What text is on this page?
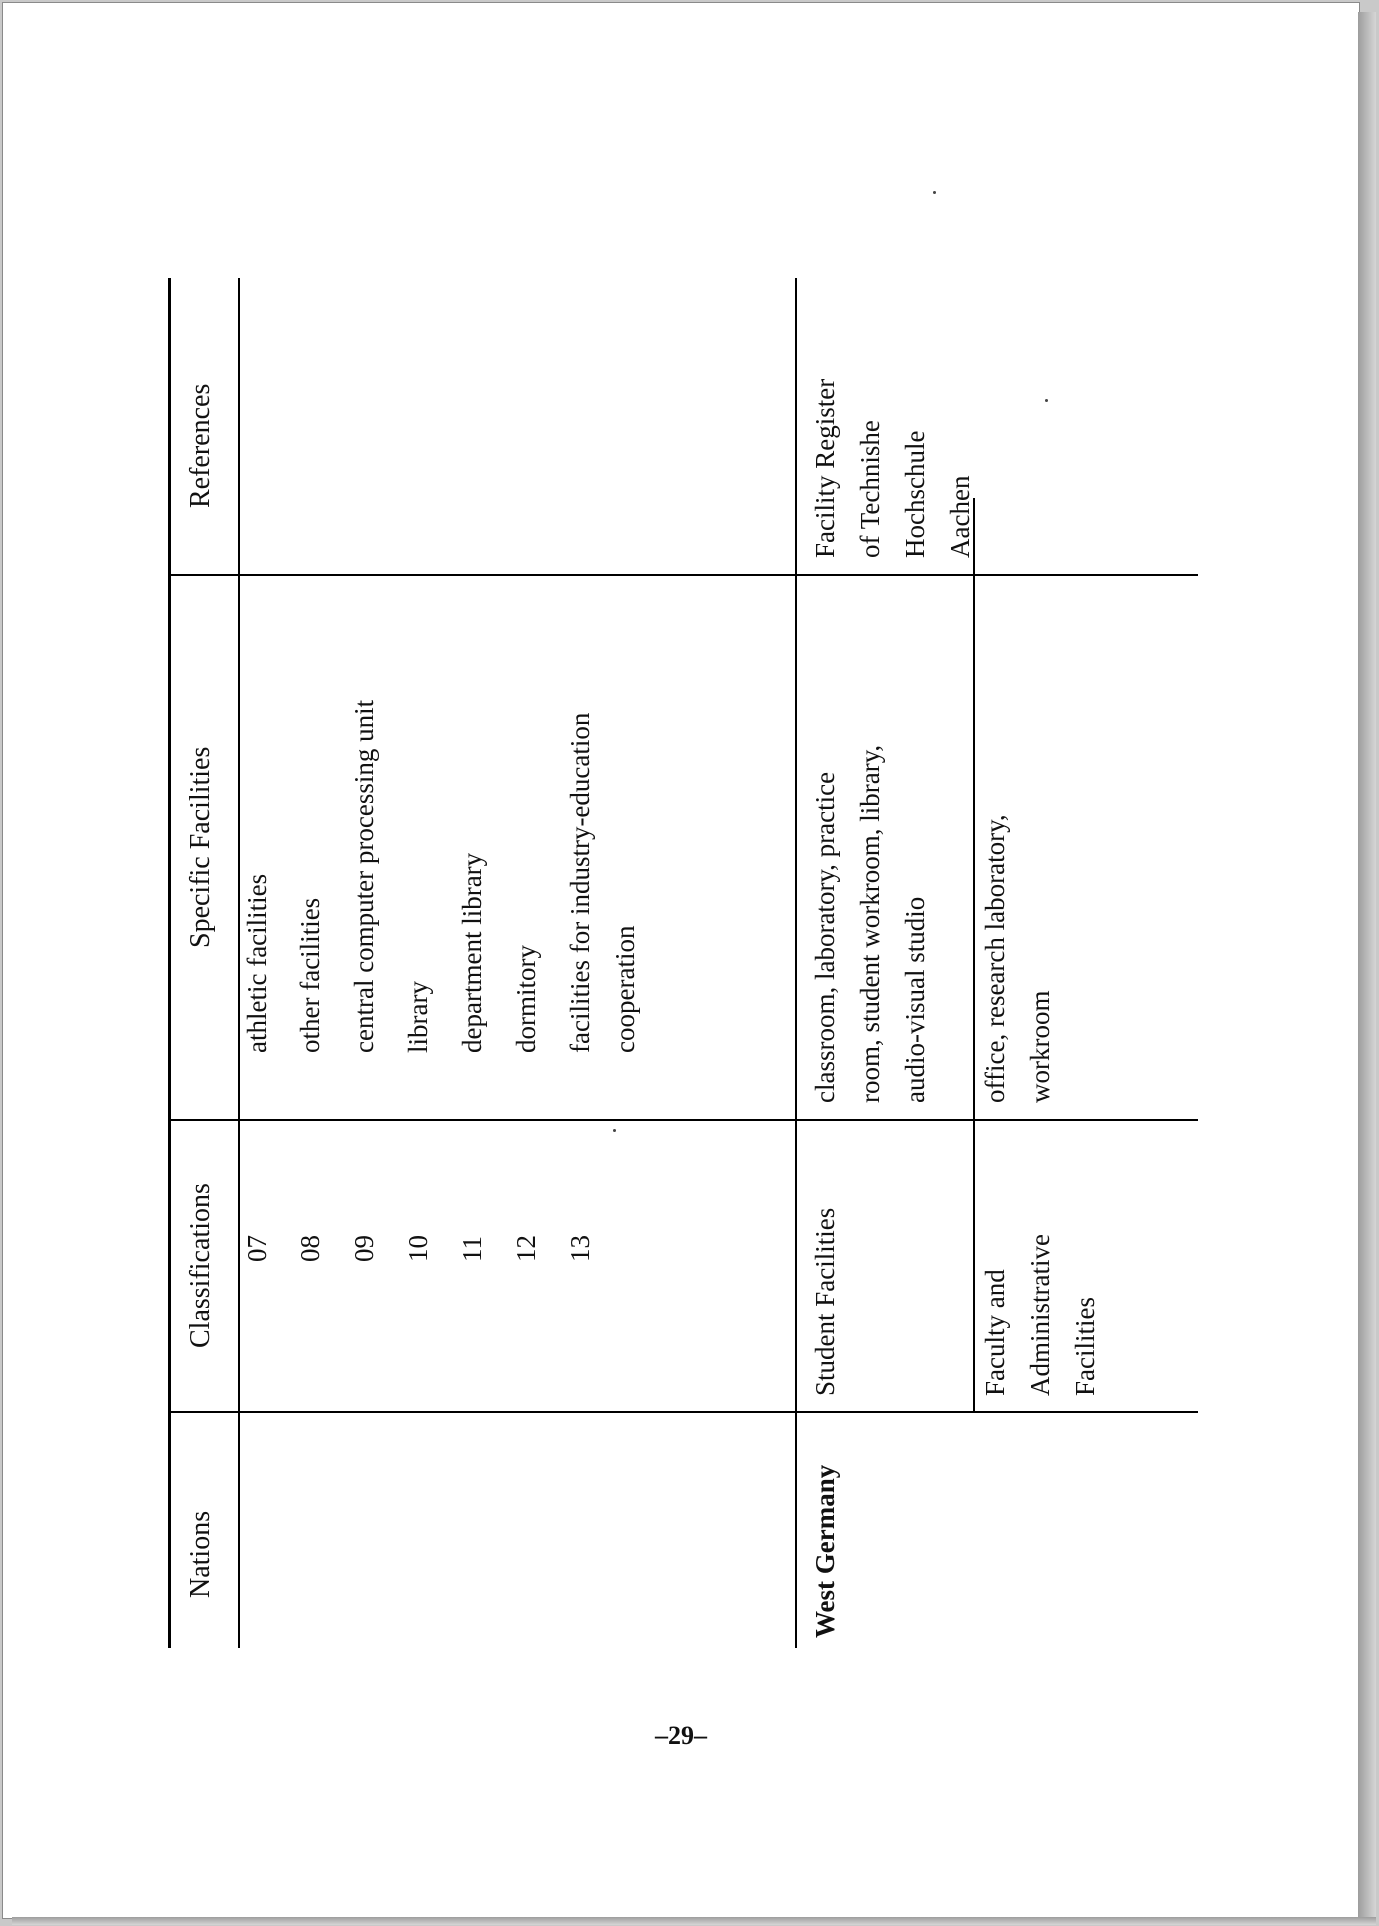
Nations
Classifications
Specific Facilities
References
07 08 09 10 11 12 13
athletic facilities other facilities central computer processing unit library department library dormitory facilities for industry-education cooperation
West Germany
Student Facilities
classroom, laboratory, practice room, student workroom, library, audio-visual studio
Faculty and Administrative Facilities
office, research laboratory, workroom
Facility Register of Technishe Hochschule Aachen
–29–
